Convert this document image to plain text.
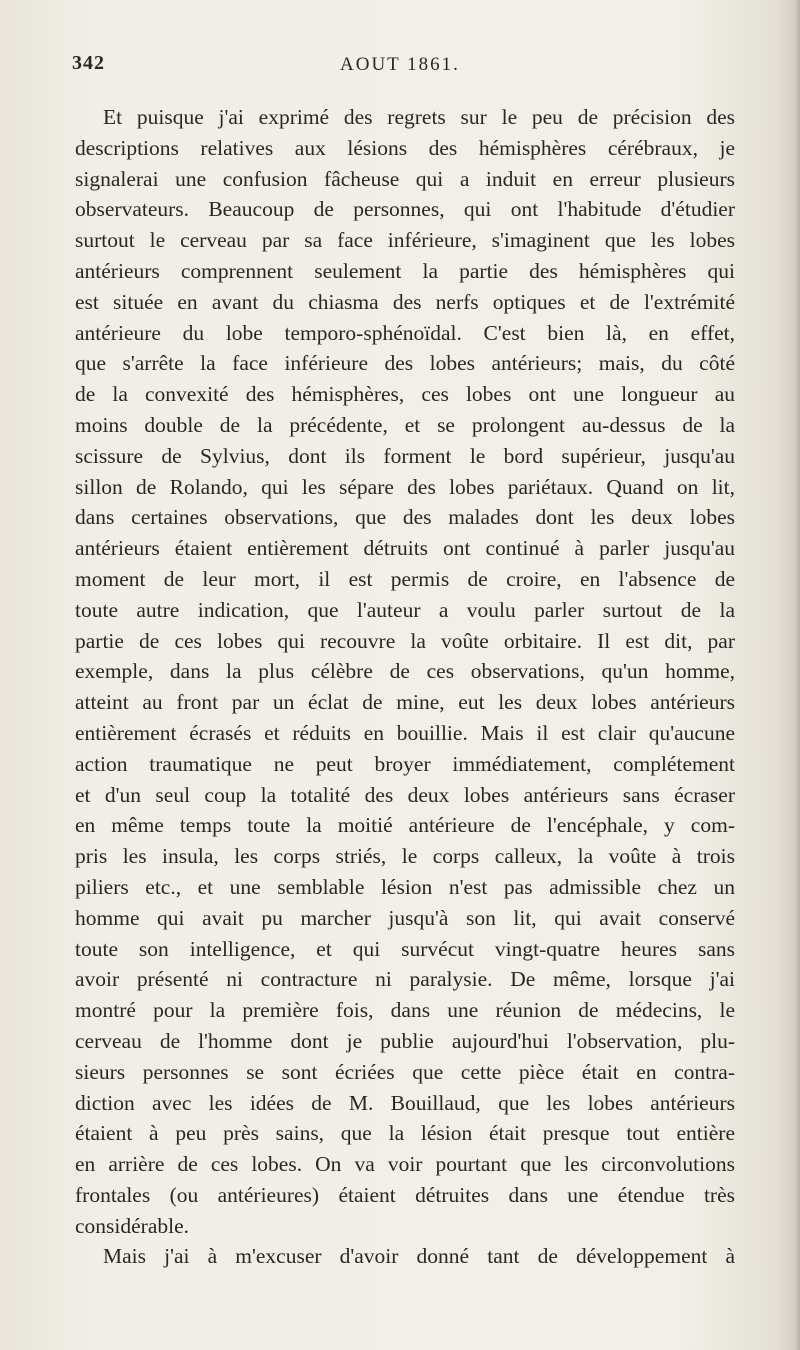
342	AOUT 1861.
Et puisque j'ai exprimé des regrets sur le peu de précision des
descriptions relatives aux lésions des hémisphères cérébraux, je
signalerai une confusion fâcheuse qui a induit en erreur plusieurs
observateurs. Beaucoup de personnes, qui ont l'habitude d'étudier
surtout le cerveau par sa face inférieure, s'imaginent que les lobes
antérieurs comprennent seulement la partie des hémisphères qui
est située en avant du chiasma des nerfs optiques et de l'extrémité
antérieure du lobe temporo-sphénoïdal. C'est bien là, en effet,
que s'arrête la face inférieure des lobes antérieurs; mais, du côté
de la convexité des hémisphères, ces lobes ont une longueur au
moins double de la précédente, et se prolongent au-dessus de la
scissure de Sylvius, dont ils forment le bord supérieur, jusqu'au
sillon de Rolando, qui les sépare des lobes pariétaux. Quand on lit,
dans certaines observations, que des malades dont les deux lobes
antérieurs étaient entièrement détruits ont continué à parler jusqu'au
moment de leur mort, il est permis de croire, en l'absence de
toute autre indication, que l'auteur a voulu parler surtout de la
partie de ces lobes qui recouvre la voûte orbitaire. Il est dit, par
exemple, dans la plus célèbre de ces observations, qu'un homme,
atteint au front par un éclat de mine, eut les deux lobes antérieurs
entièrement écrasés et réduits en bouillie. Mais il est clair qu'aucune
action traumatique ne peut broyer immédiatement, complétement
et d'un seul coup la totalité des deux lobes antérieurs sans écraser
en même temps toute la moitié antérieure de l'encéphale, y com-
pris les insula, les corps striés, le corps calleux, la voûte à trois
piliers etc., et une semblable lésion n'est pas admissible chez un
homme qui avait pu marcher jusqu'à son lit, qui avait conservé
toute son intelligence, et qui survécut vingt-quatre heures sans
avoir présenté ni contracture ni paralysie. De même, lorsque j'ai
montré pour la première fois, dans une réunion de médecins, le
cerveau de l'homme dont je publie aujourd'hui l'observation, plu-
sieurs personnes se sont écriées que cette pièce était en contra-
diction avec les idées de M. Bouillaud, que les lobes antérieurs
étaient à peu près sains, que la lésion était presque tout entière
en arrière de ces lobes. On va voir pourtant que les circonvolutions
frontales (ou antérieures) étaient détruites dans une étendue très
considérable.
Mais j'ai à m'excuser d'avoir donné tant de développement à
